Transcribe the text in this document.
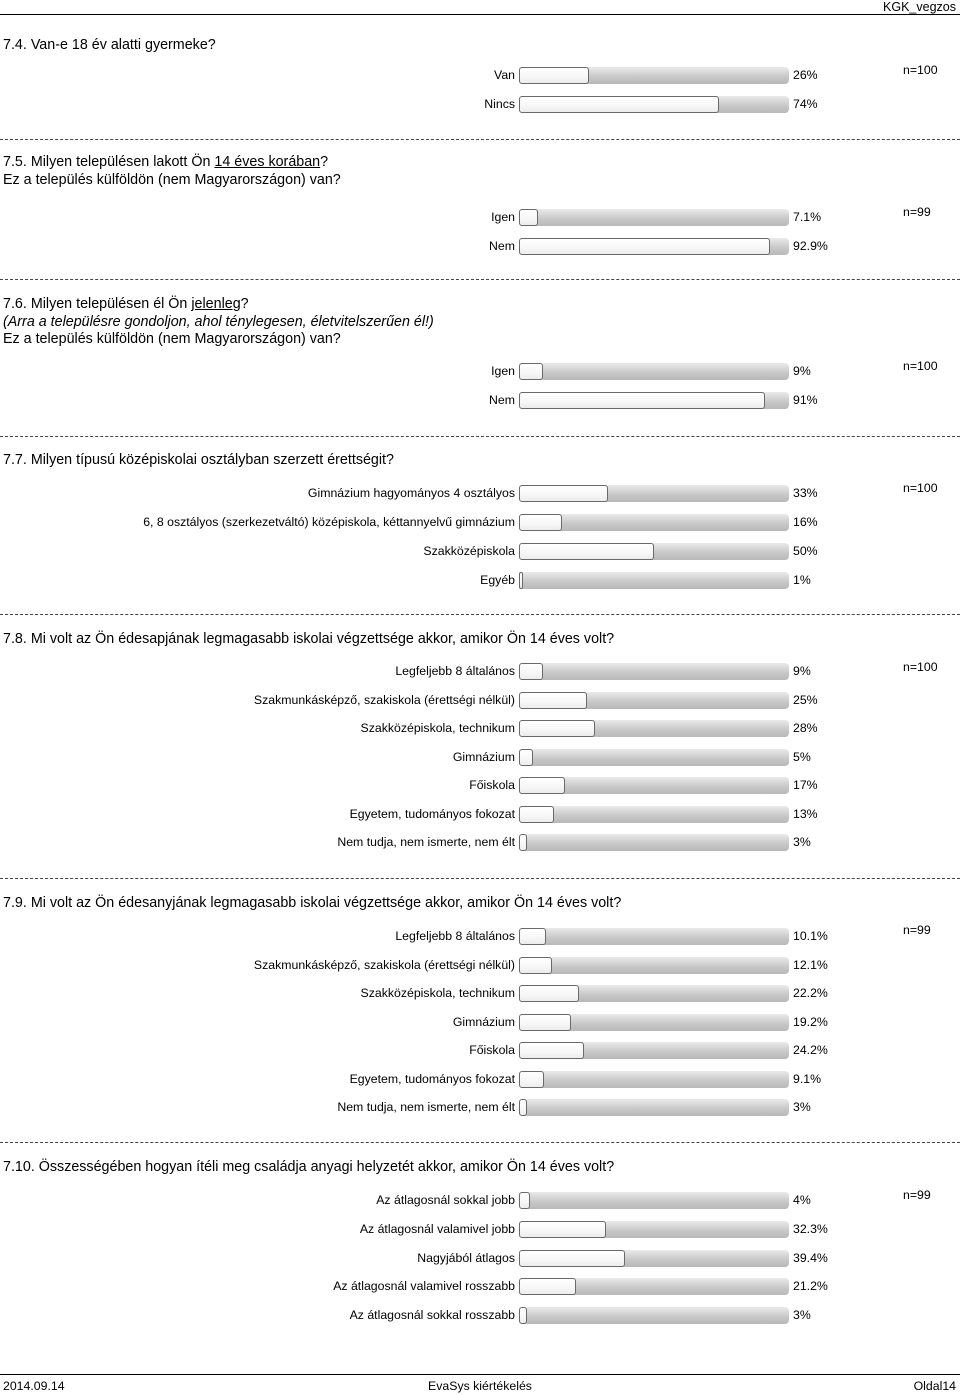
KGK_vegzos
7.4. Van-e 18 év alatti gyermeke?
n=100
Van	26%
Nincs	74%
7.5. Milyen településen lakott Ön 14 éves korában?
Ez a település külföldön (nem Magyarországon) van?
n=99
Igen	7.1%
Nem	92.9%
7.6. Milyen településen él Ön jelenleg?
(Arra a településre gondoljon, ahol ténylegesen, életvitelszerűen él!)
Ez a település külföldön (nem Magyarországon) van?
n=100
Igen	9%
Nem	91%
7.7. Milyen típusú középiskolai osztályban szerzett érettségit?
n=100
Gimnázium hagyományos 4 osztályos	33%
6, 8 osztályos (szerkezetváltó) középiskola, kéttannyelvű gimnázium	16%
Szakközépiskola	50%
Egyéb	1%
7.8. Mi volt az Ön édesapjának legmagasabb iskolai végzettsége akkor, amikor Ön 14 éves volt?
n=100
Legfeljebb 8 általános	9%
Szakmunkásképző, szakiskola (érettségi nélkül)	25%
Szakközépiskola, technikum	28%
Gimnázium	5%
Főiskola	17%
Egyetem, tudományos fokozat	13%
Nem tudja, nem ismerte, nem élt	3%
7.9. Mi volt az Ön édesanyjának legmagasabb iskolai végzettsége akkor, amikor Ön 14 éves volt?
n=99
Legfeljebb 8 általános	10.1%
Szakmunkásképző, szakiskola (érettségi nélkül)	12.1%
Szakközépiskola, technikum	22.2%
Gimnázium	19.2%
Főiskola	24.2%
Egyetem, tudományos fokozat	9.1%
Nem tudja, nem ismerte, nem élt	3%
7.10. Összességében hogyan ítéli meg családja anyagi helyzetét akkor, amikor Ön 14 éves volt?
n=99
Az átlagosnál sokkal jobb	4%
Az átlagosnál valamivel jobb	32.3%
Nagyjából átlagos	39.4%
Az átlagosnál valamivel rosszabb	21.2%
Az átlagosnál sokkal rosszabb	3%
2014.09.14	EvaSys kiértékelés	Oldal14
